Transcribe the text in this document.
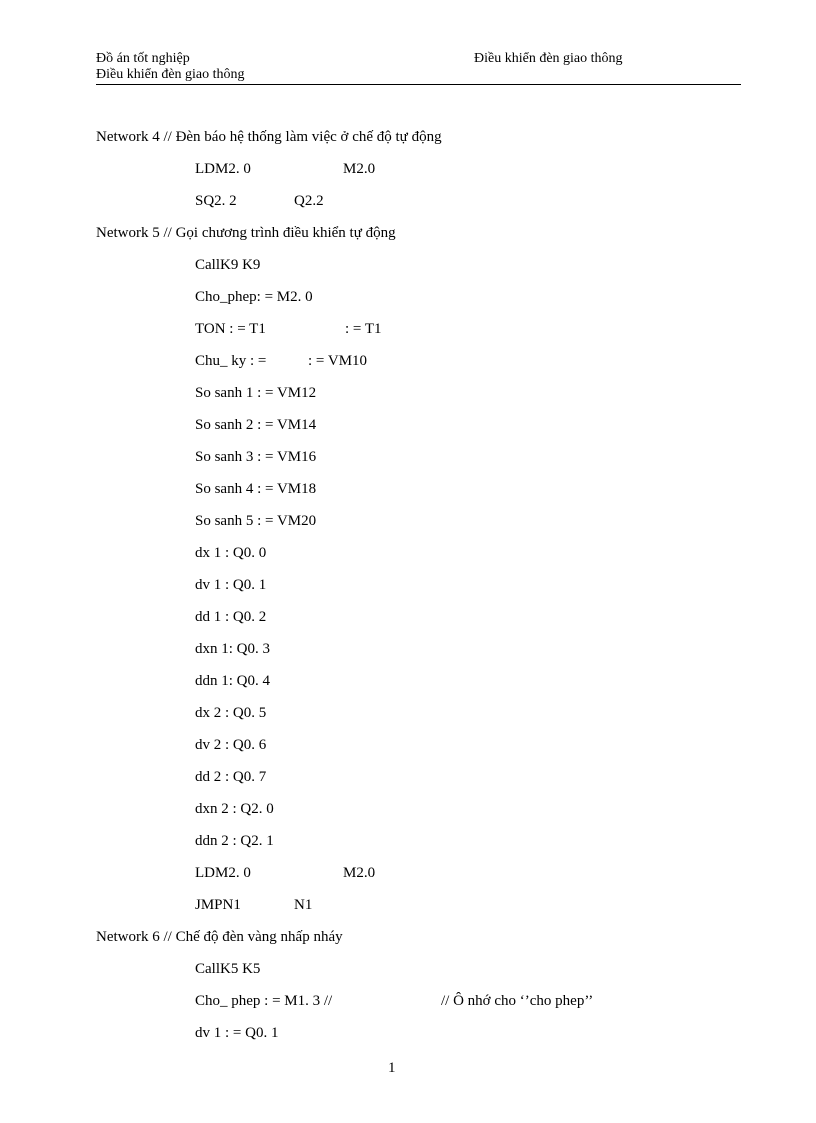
Đồ án tốt nghiệp	Điều khiển đèn giao thông
Điều khiển đèn giao thông
Network 4 // Đèn báo hệ thống làm việc ở chế độ tự động
LDM2. 0	M2.0
SQ2. 2	Q2.2
Network 5 // Gọi chương trình điều khiển tự động
CallK9 K9
Cho_phep: = M2. 0
TON : = T1	: = T1
Chu_ ky : =	: = VM10
So sanh 1 : = VM12
So sanh 2 : = VM14
So sanh 3 : = VM16
So sanh 4 : = VM18
So sanh 5 : = VM20
dx 1 : Q0. 0
dv 1 : Q0. 1
dd 1 : Q0. 2
dxn 1: Q0. 3
ddn 1: Q0. 4
dx 2 : Q0. 5
dv 2 : Q0. 6
dd 2 : Q0. 7
dxn 2 : Q2. 0
ddn 2 : Q2. 1
LDM2. 0	M2.0
JMPN1	N1
Network 6 // Chế độ đèn vàng nhấp nháy
CallK5 K5
Cho_ phep : = M1. 3 //	// Ô nhớ cho ‘’cho phep’’
dv 1 : = Q0. 1
1
